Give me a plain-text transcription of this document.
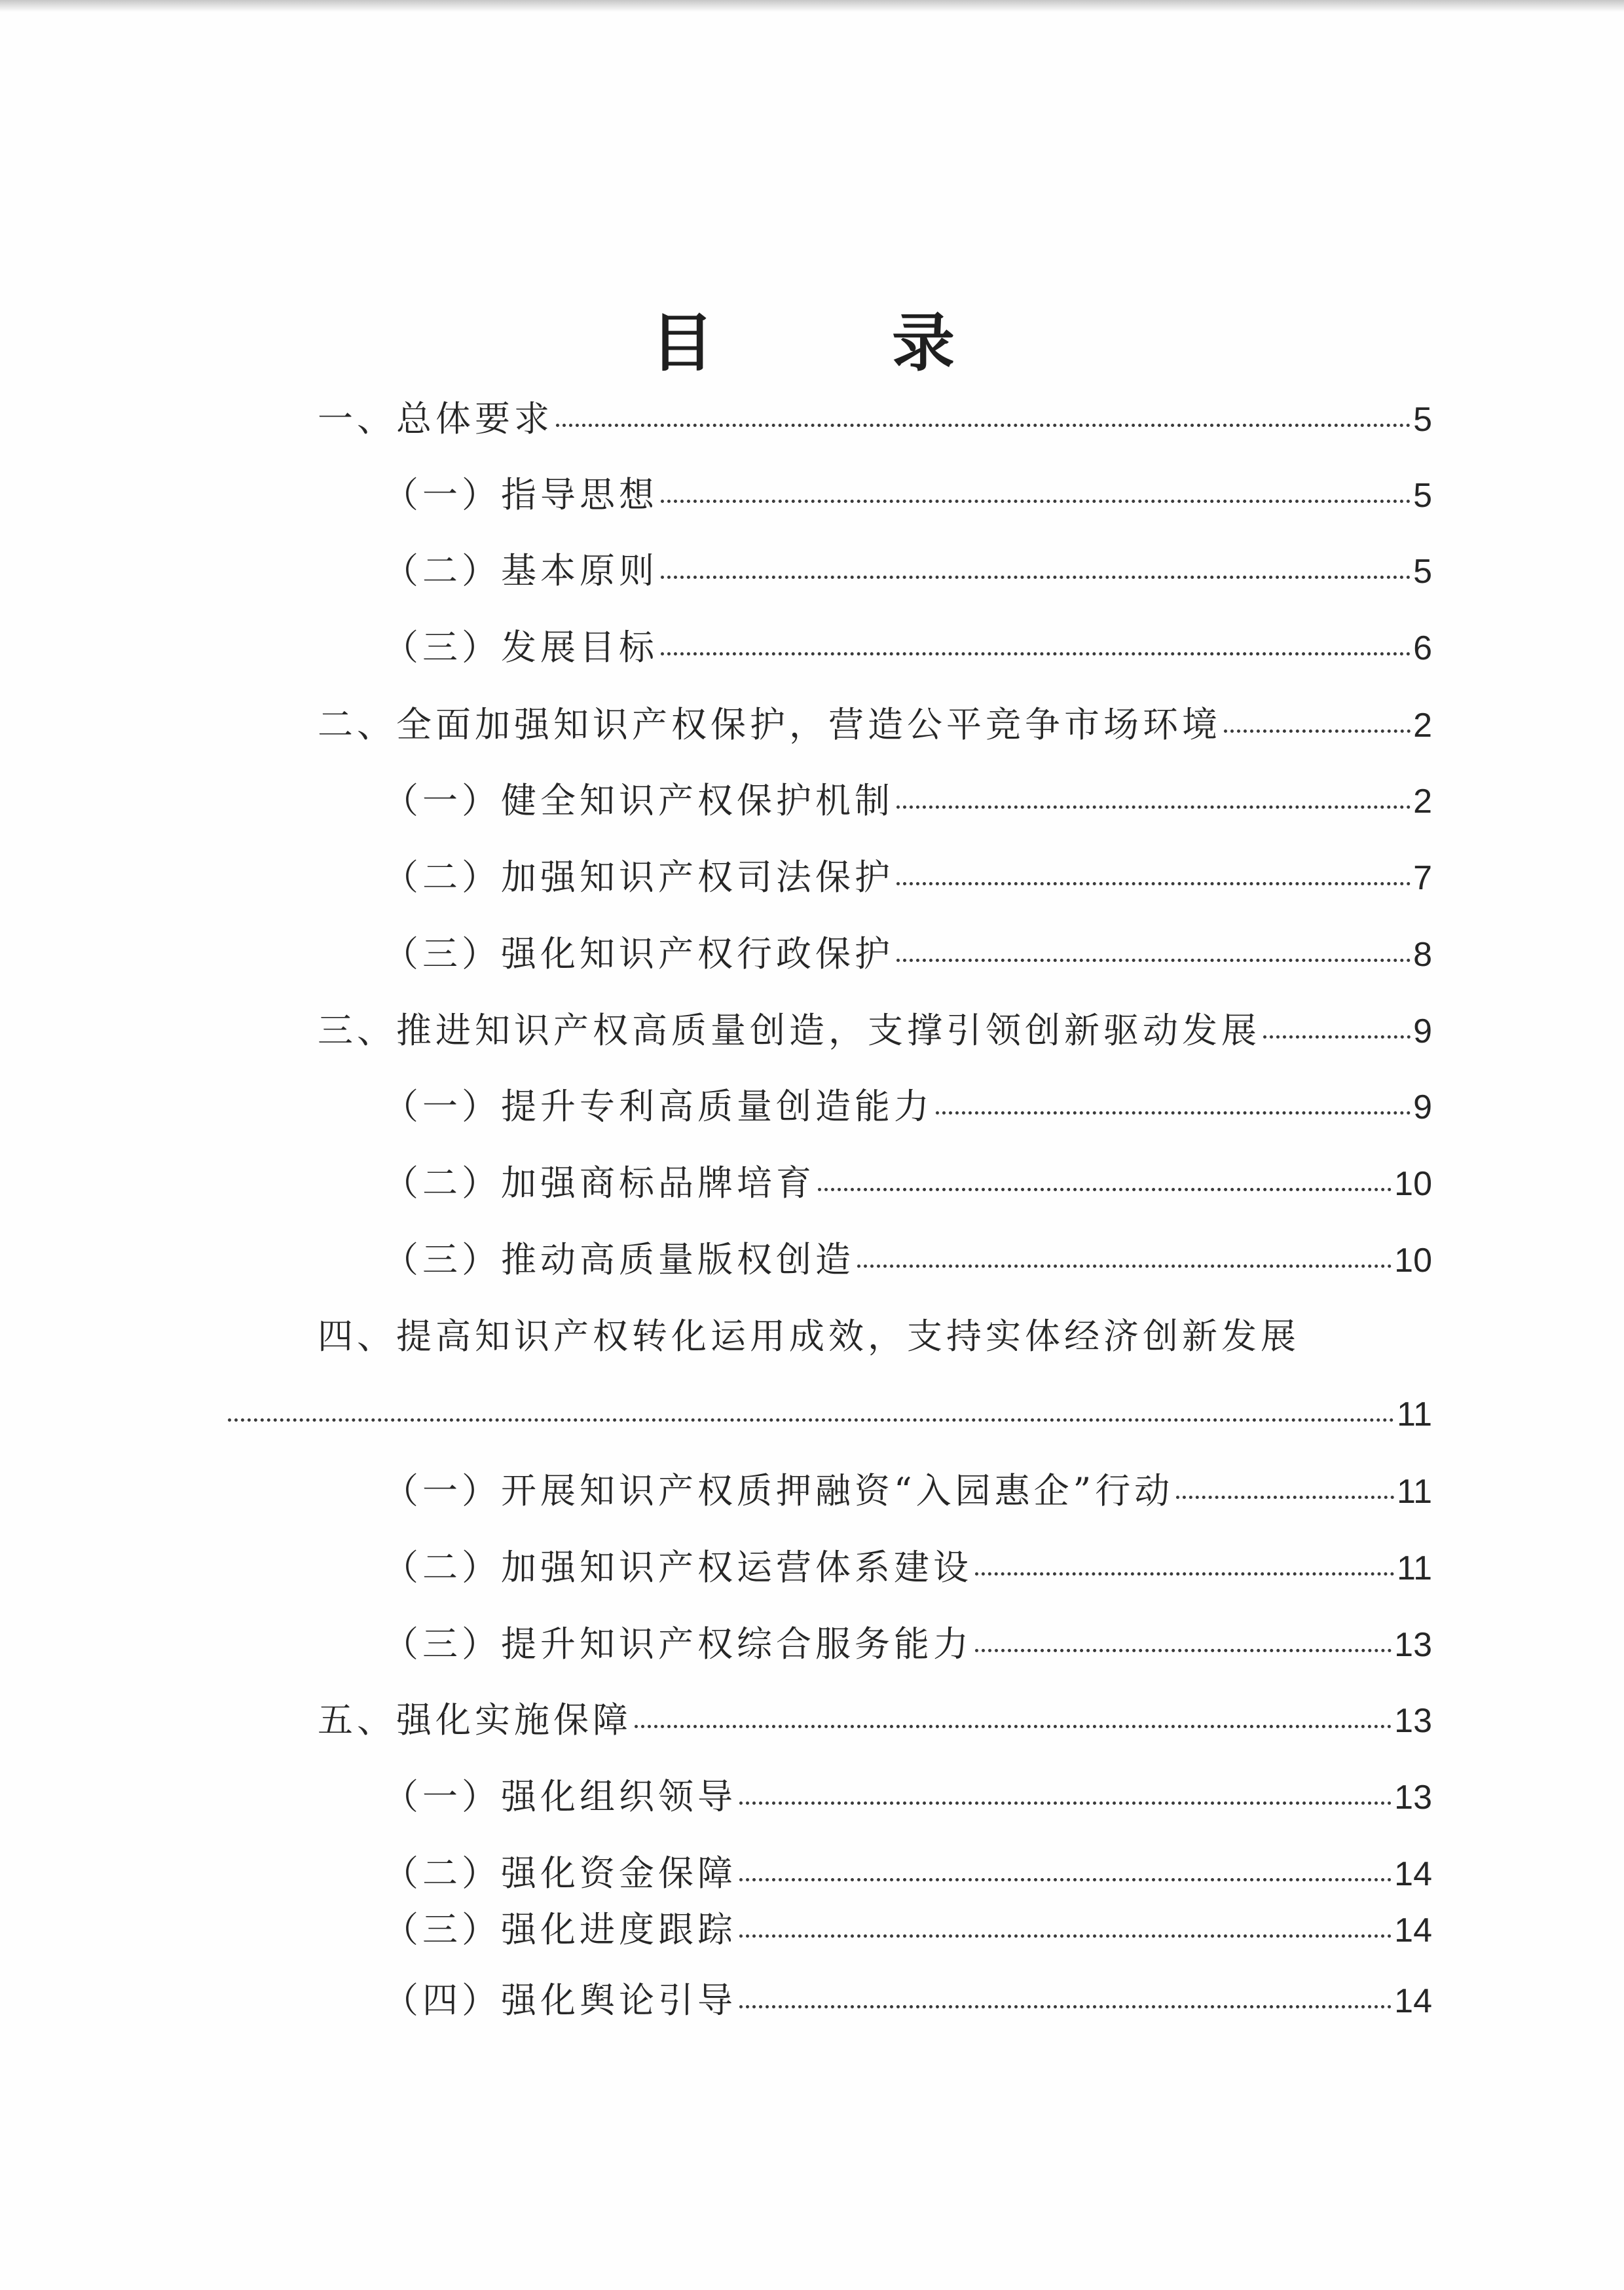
目　录
一、总体要求	5
（一）指导思想	5
（二）基本原则	5
（三）发展目标	6
二、全面加强知识产权保护，营造公平竞争市场环境	2
（一）健全知识产权保护机制	2
（二）加强知识产权司法保护	7
（三）强化知识产权行政保护	8
三、推进知识产权高质量创造，支撑引领创新驱动发展	9
（一）提升专利高质量创造能力	9
（二）加强商标品牌培育	10
（三）推动高质量版权创造	10
四、提高知识产权转化运用成效，支持实体经济创新发展
11
（一）开展知识产权质押融资“入园惠企”行动	11
（二）加强知识产权运营体系建设	11
（三）提升知识产权综合服务能力	13
五、强化实施保障	13
（一）强化组织领导	13
（二）强化资金保障	14
（三）强化进度跟踪	14
（四）强化舆论引导	14
